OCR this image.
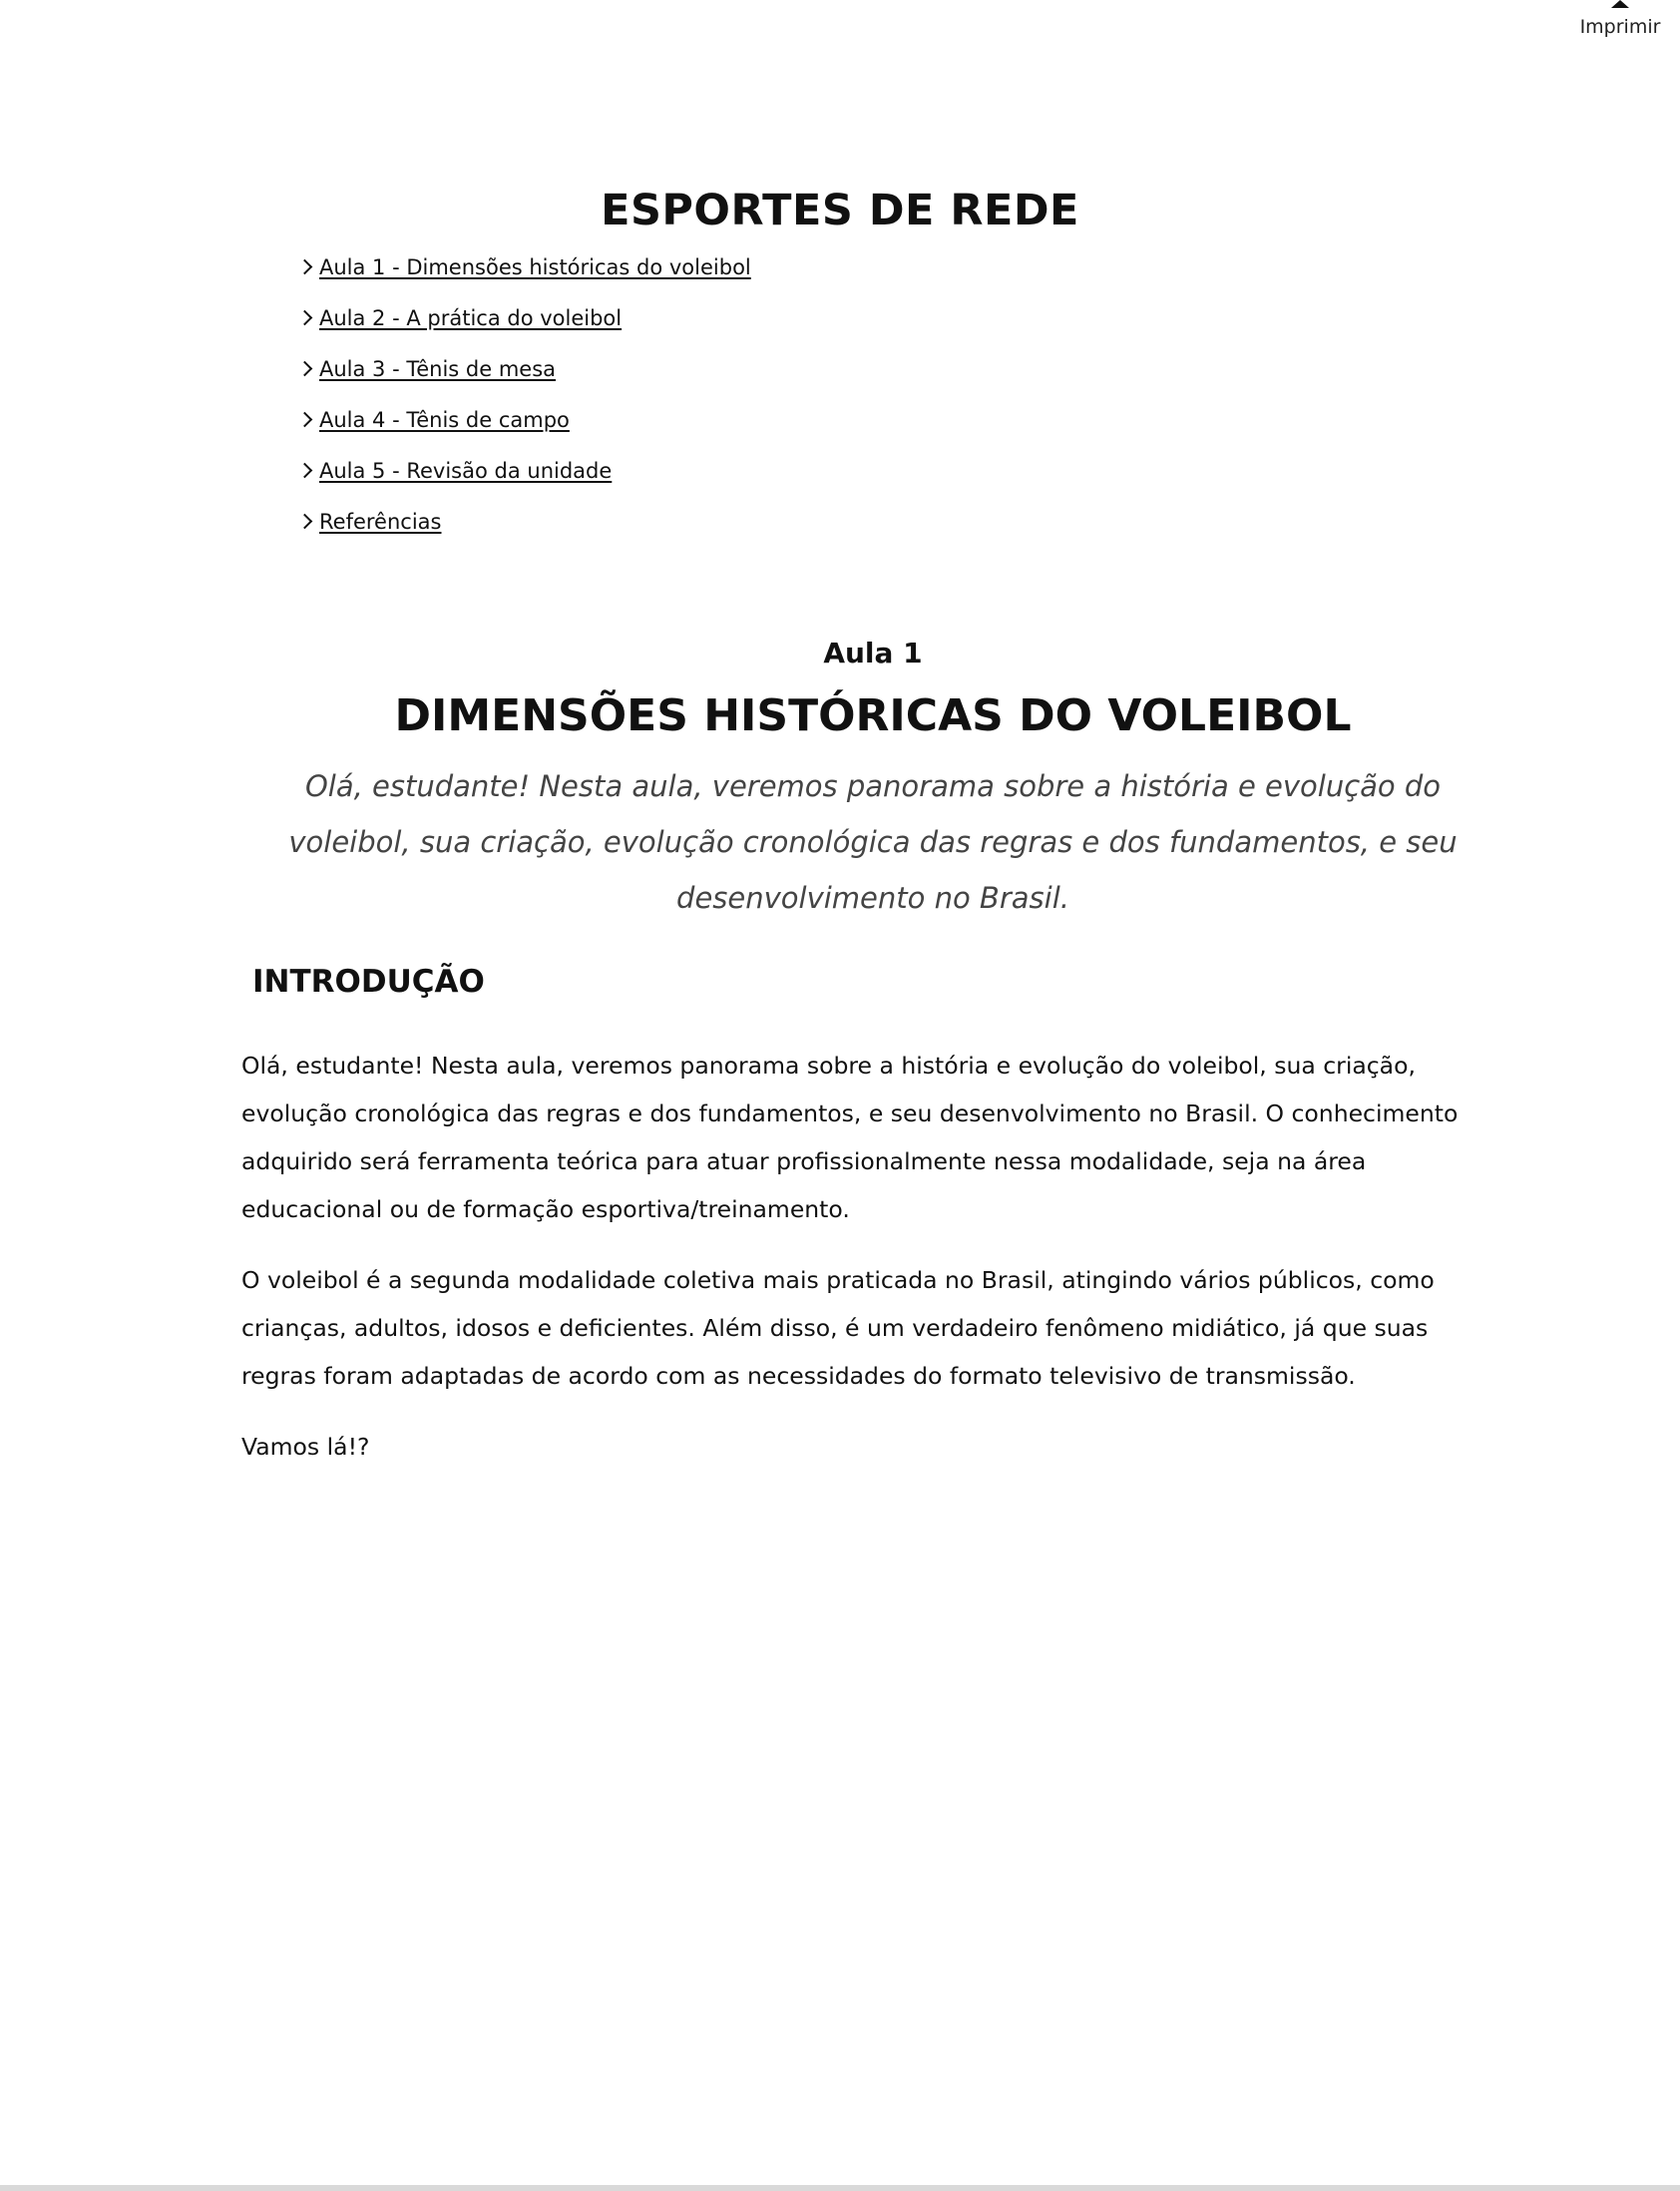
Imprimir
ESPORTES DE REDE
Aula 1 - Dimensões históricas do voleibol
Aula 2 - A prática do voleibol
Aula 3 - Tênis de mesa
Aula 4 - Tênis de campo
Aula 5 - Revisão da unidade
Referências
Aula 1
DIMENSÕES HISTÓRICAS DO VOLEIBOL

Olá, estudante! Nesta aula, veremos panorama sobre a história e evolução do voleibol, sua criação, evolução cronológica das regras e dos fundamentos, e seu desenvolvimento no Brasil.

INTRODUÇÃO

Olá, estudante! Nesta aula, veremos panorama sobre a história e evolução do voleibol, sua criação, evolução cronológica das regras e dos fundamentos, e seu desenvolvimento no Brasil. O conhecimento adquirido será ferramenta teórica para atuar profissionalmente nessa modalidade, seja na área educacional ou de formação esportiva/treinamento.

O voleibol é a segunda modalidade coletiva mais praticada no Brasil, atingindo vários públicos, como crianças, adultos, idosos e deficientes. Além disso, é um verdadeiro fenômeno midiático, já que suas regras foram adaptadas de acordo com as necessidades do formato televisivo de transmissão.

Vamos lá!?
